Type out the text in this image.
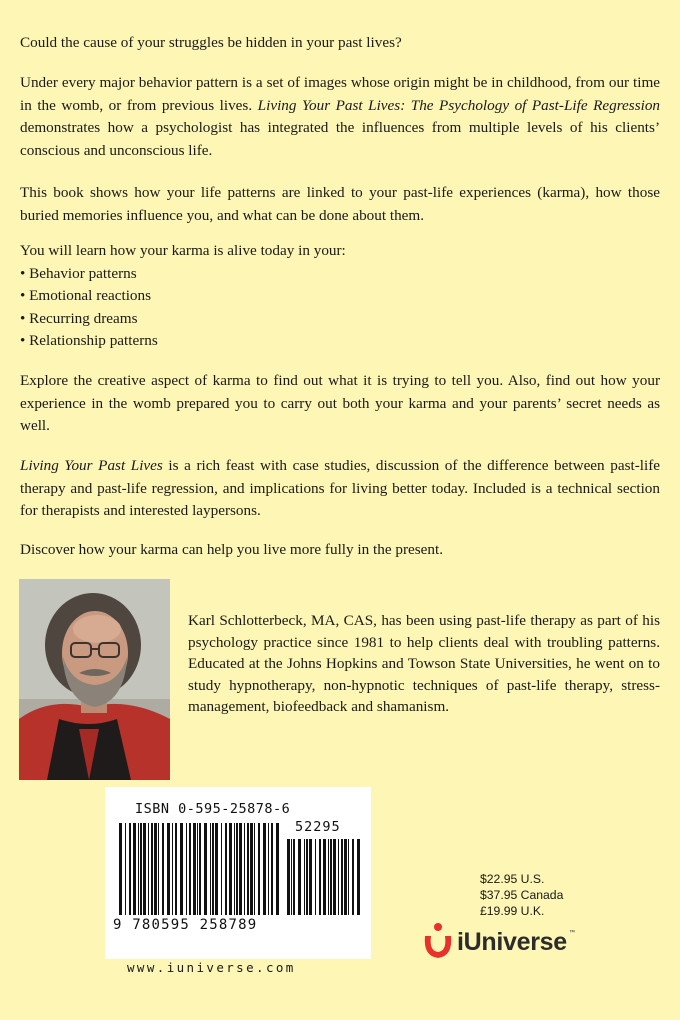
Could the cause of your struggles be hidden in your past lives?

Under every major behavior pattern is a set of images whose origin might be in childhood, from our time in the womb, or from previous lives. Living Your Past Lives: The Psychology of Past-Life Regression demonstrates how a psychologist has integrated the influences from multiple levels of his clients’ conscious and unconscious life.

This book shows how your life patterns are linked to your past-life experiences (karma), how those buried memories influence you, and what can be done about them.

You will learn how your karma is alive today in your:

• Behavior patterns
• Emotional reactions
• Recurring dreams
• Relationship patterns

Explore the creative aspect of karma to find out what it is trying to tell you. Also, find out how your experience in the womb prepared you to carry out both your karma and your parents’ secret needs as well.

Living Your Past Lives is a rich feast with case studies, discussion of the difference between past-life therapy and past-life regression, and implications for living better today. Included is a technical section for therapists and interested laypersons.

Discover how your karma can help you live more fully in the present.

Karl Schlotterbeck, MA, CAS, has been using past-life therapy as part of his psychology practice since 1981 to help clients deal with troubling patterns. Educated at the Johns Hopkins and Towson State Universities, he went on to study hypnotherapy, non-hypnotic techniques of past-life therapy, stress-management, biofeedback and shamanism.
ISBN 0-595-25878-6
52295
9 780595 258789
$22.95 U.S.
$37.95 Canada
£19.99 U.K.
iUniverse ™
www.iuniverse.com
